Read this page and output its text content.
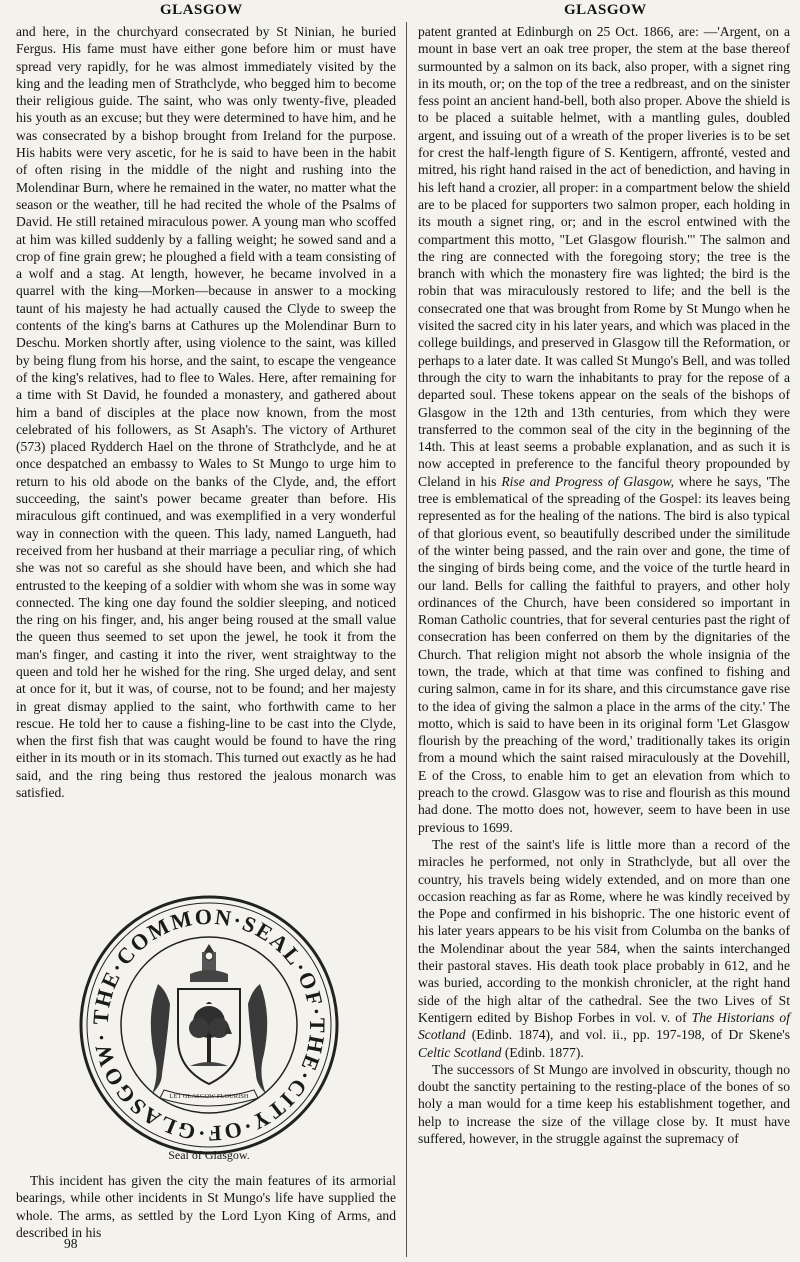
GLASGOW	GLASGOW

and here, in the churchyard consecrated by St Ninian, he buried Fergus. His fame must have either gone before him or must have spread very rapidly, for he was almost immediately visited by the king and the leading men of Strathclyde, who begged him to become their religious guide. The saint, who was only twenty-five, pleaded his youth as an excuse; but they were determined to have him, and he was consecrated by a bishop brought from Ireland for the purpose. His habits were very ascetic, for he is said to have been in the habit of often rising in the middle of the night and rushing into the Molendinar Burn, where he remained in the water, no matter what the season or the weather, till he had recited the whole of the Psalms of David. He still retained miraculous power. A young man who scoffed at him was killed suddenly by a falling weight; he sowed sand and a crop of fine grain grew; he ploughed a field with a team consisting of a wolf and a stag. At length, however, he became involved in a quarrel with the king—Morken—because in answer to a mocking taunt of his majesty he had actually caused the Clyde to sweep the contents of the king's barns at Cathures up the Molendinar Burn to Deschu. Morken shortly after, using violence to the saint, was killed by being flung from his horse, and the saint, to escape the vengeance of the king's relatives, had to flee to Wales. Here, after remaining for a time with St David, he founded a monastery, and gathered about him a band of disciples at the place now known, from the most celebrated of his followers, as St Asaph's. The victory of Arthuret (573) placed Rydderch Hael on the throne of Strathclyde, and he at once despatched an embassy to Wales to St Mungo to urge him to return to his old abode on the banks of the Clyde, and, the effort succeeding, the saint's power became greater than before. His miraculous gift continued, and was exemplified in a very wonderful way in connection with the queen. This lady, named Langueth, had received from her husband at their marriage a peculiar ring, of which she was not so careful as she should have been, and which she had entrusted to the keeping of a soldier with whom she was in some way connected. The king one day found the soldier sleeping, and noticed the ring on his finger, and, his anger being roused at the small value the queen thus seemed to set upon the jewel, he took it from the man's finger, and casting it into the river, went straightway to the queen and told her he wished for the ring. She urged delay, and sent at once for it, but it was, of course, not to be found; and her majesty in great dismay applied to the saint, who forthwith came to her rescue. He told her to cause a fishing-line to be cast into the Clyde, when the first fish that was caught would be found to have the ring either in its mouth or in its stomach. This turned out exactly as he had said, and the ring being thus restored the jealous monarch was satisfied.

THE·COMMON·SEAL·OF·THE·CITY·OF·GLASGOW·
LET GLASGOW FLOURISH
Seal of Glasgow.

This incident has given the city the main features of its armorial bearings, while other incidents in St Mungo's life have supplied the whole. The arms, as settled by the Lord Lyon King of Arms, and described in his

98

patent granted at Edinburgh on 25 Oct. 1866, are: —'Argent, on a mount in base vert an oak tree proper, the stem at the base thereof surmounted by a salmon on its back, also proper, with a signet ring in its mouth, or; on the top of the tree a redbreast, and on the sinister fess point an ancient hand-bell, both also proper. Above the shield is to be placed a suitable helmet, with a mantling gules, doubled argent, and issuing out of a wreath of the proper liveries is to be set for crest the half-length figure of S. Kentigern, affronté, vested and mitred, his right hand raised in the act of benediction, and having in his left hand a crozier, all proper: in a compartment below the shield are to be placed for supporters two salmon proper, each holding in its mouth a signet ring, or; and in the escrol entwined with the compartment this motto, "Let Glasgow flourish."' The salmon and the ring are connected with the foregoing story; the tree is the branch with which the monastery fire was lighted; the bird is the robin that was miraculously restored to life; and the bell is the consecrated one that was brought from Rome by St Mungo when he visited the sacred city in his later years, and which was placed in the college buildings, and preserved in Glasgow till the Reformation, or perhaps to a later date. It was called St Mungo's Bell, and was tolled through the city to warn the inhabitants to pray for the repose of a departed soul. These tokens appear on the seals of the bishops of Glasgow in the 12th and 13th centuries, from which they were transferred to the common seal of the city in the beginning of the 14th. This at least seems a probable explanation, and as such it is now accepted in preference to the fanciful theory propounded by Cleland in his Rise and Progress of Glasgow, where he says, 'The tree is emblematical of the spreading of the Gospel: its leaves being represented as for the healing of the nations. The bird is also typical of that glorious event, so beautifully described under the similitude of the winter being passed, and the rain over and gone, the time of the singing of birds being come, and the voice of the turtle heard in our land. Bells for calling the faithful to prayers, and other holy ordinances of the Church, have been considered so important in Roman Catholic countries, that for several centuries past the right of consecration has been conferred on them by the dignitaries of the Church. That religion might not absorb the whole insignia of the town, the trade, which at that time was confined to fishing and curing salmon, came in for its share, and this circumstance gave rise to the idea of giving the salmon a place in the arms of the city.' The motto, which is said to have been in its original form 'Let Glasgow flourish by the preaching of the word,' traditionally takes its origin from a mound which the saint raised miraculously at the Dovehill, E of the Cross, to enable him to get an elevation from which to preach to the crowd. Glasgow was to rise and flourish as this mound had done. The motto does not, however, seem to have been in use previous to 1699.

The rest of the saint's life is little more than a record of the miracles he performed, not only in Strathclyde, but all over the country, his travels being widely extended, and on more than one occasion reaching as far as Rome, where he was kindly received by the Pope and confirmed in his bishopric. The one historic event of his later years appears to be his visit from Columba on the banks of the Molendinar about the year 584, when the saints interchanged their pastoral staves. His death took place probably in 612, and he was buried, according to the monkish chronicler, at the right hand side of the high altar of the cathedral. See the two Lives of St Kentigern edited by Bishop Forbes in vol. v. of The Historians of Scotland (Edinb. 1874), and vol. ii., pp. 197-198, of Dr Skene's Celtic Scotland (Edinb. 1877).

The successors of St Mungo are involved in obscurity, though no doubt the sanctity pertaining to the resting-place of the bones of so holy a man would for a time keep his establishment together, and help to increase the size of the village close by. It must have suffered, however, in the struggle against the supremacy of
